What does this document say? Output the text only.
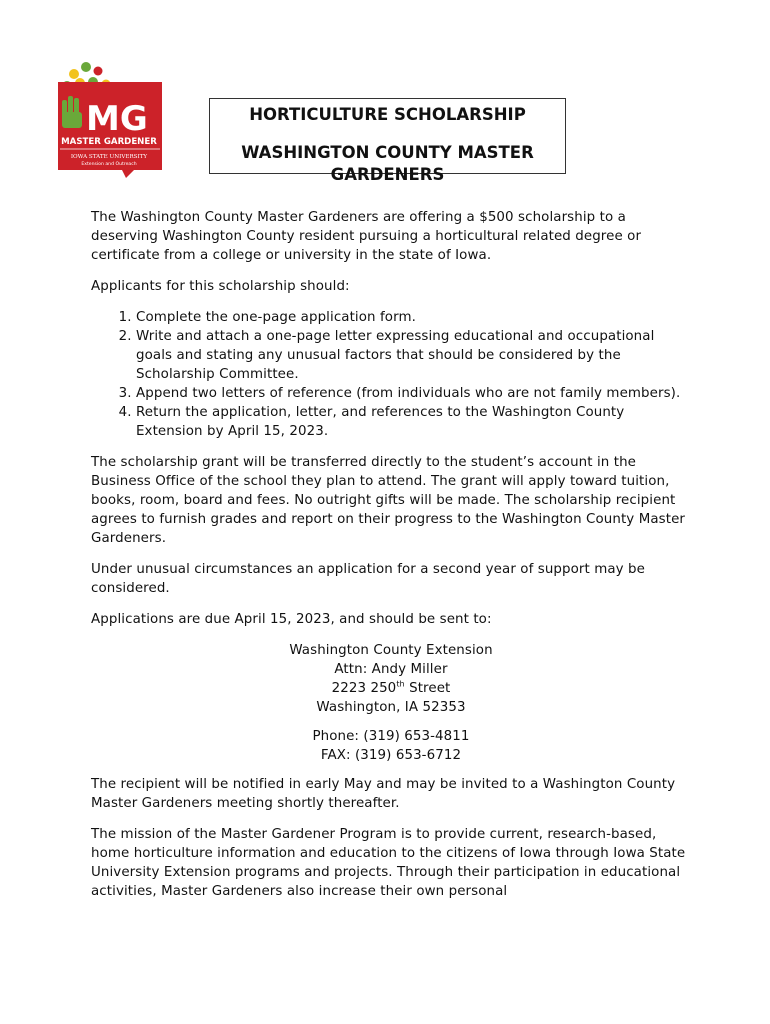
MG
MASTER GARDENER
IOWA STATE UNIVERSITY
Extension and Outreach
HORTICULTURE SCHOLARSHIP
WASHINGTON COUNTY MASTER
GARDENERS

The Washington County Master Gardeners are offering a $500 scholarship to a deserving Washington County resident pursuing a horticultural related degree or certificate from a college or university in the state of Iowa.

Applicants for this scholarship should:

1. Complete the one-page application form.
2. Write and attach a one-page letter expressing educational and occupational goals and stating any unusual factors that should be considered by the Scholarship Committee.
3. Append two letters of reference (from individuals who are not family members).
4. Return the application, letter, and references to the Washington County Extension by April 15, 2023.

The scholarship grant will be transferred directly to the student’s account in the Business Office of the school they plan to attend. The grant will apply toward tuition, books, room, board and fees. No outright gifts will be made. The scholarship recipient agrees to furnish grades and report on their progress to the Washington County Master Gardeners.

Under unusual circumstances an application for a second year of support may be considered.

Applications are due April 15, 2023, and should be sent to:

Washington County Extension
Attn: Andy Miller
2223 250th Street
Washington, IA 52353

Phone: (319) 653-4811
FAX: (319) 653-6712

The recipient will be notified in early May and may be invited to a Washington County Master Gardeners meeting shortly thereafter.

The mission of the Master Gardener Program is to provide current, research-based, home horticulture information and education to the citizens of Iowa through Iowa State University Extension programs and projects. Through their participation in educational activities, Master Gardeners also increase their own personal
